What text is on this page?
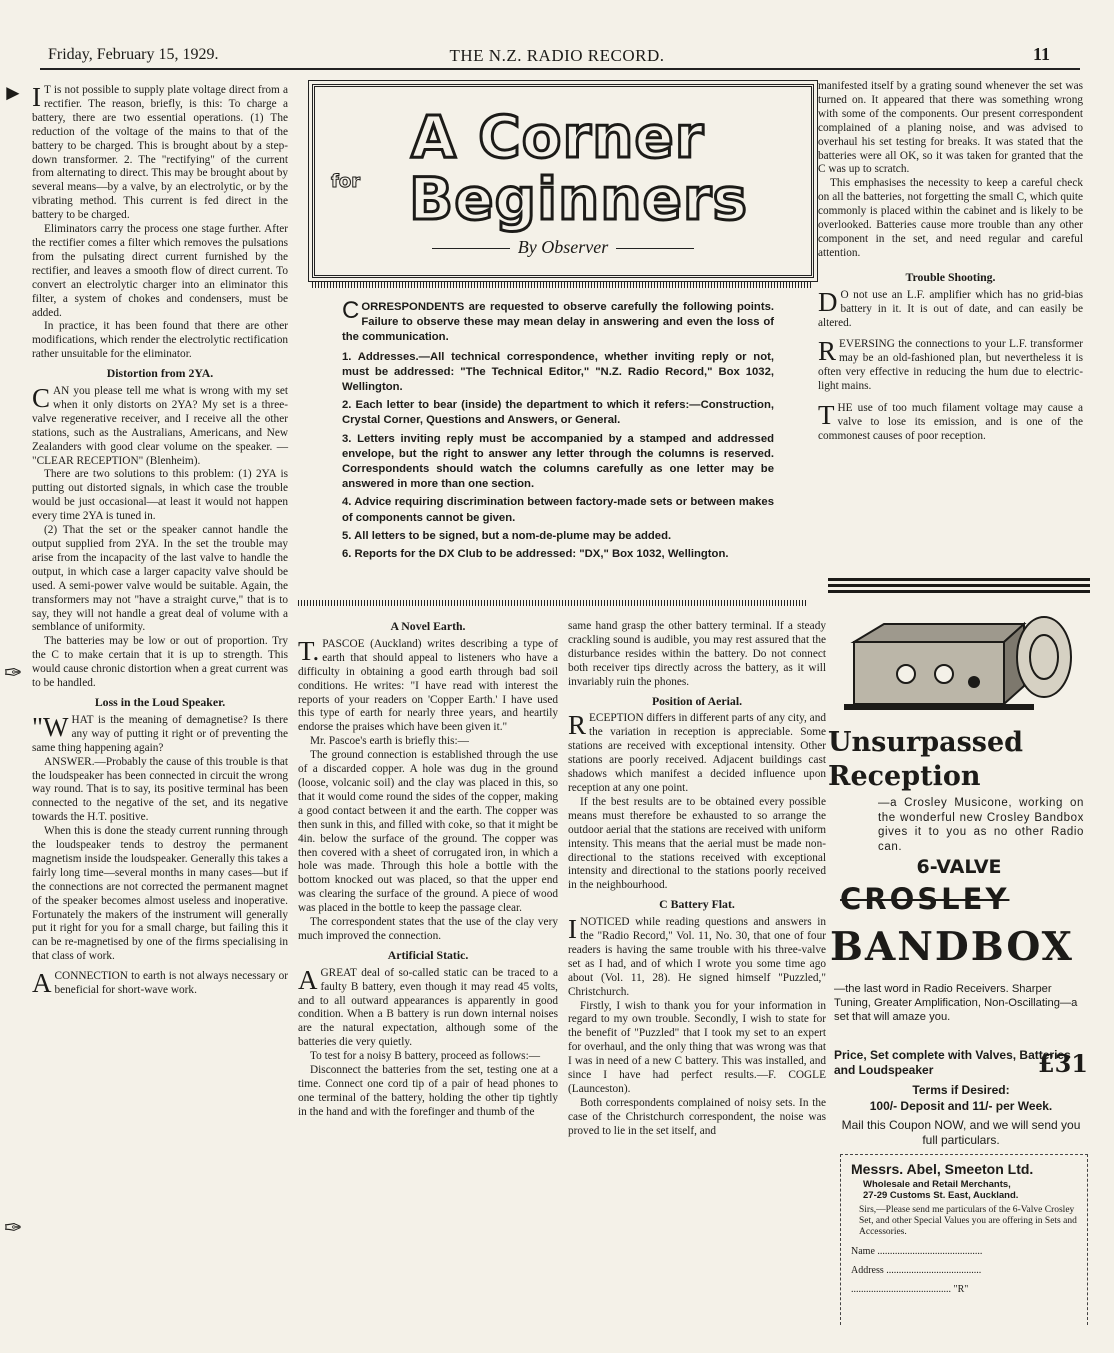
Friday, February 15, 1929.	THE N.Z. RADIO RECORD.	11

I T is not possible to supply plate voltage direct from a rectifier. The reason, briefly, is this: To charge a battery, there are two essential operations. (1) The reduction of the voltage of the mains to that of the battery to be charged. This is brought about by a step-down transformer. 2. The "rectifying" of the current from alternating to direct. This may be brought about by several means—by a valve, by an electrolytic, or by the vibrating method. This current is fed direct in the battery to be charged.

Eliminators carry the process one stage further. After the rectifier comes a filter which removes the pulsations from the pulsating direct current furnished by the rectifier, and leaves a smooth flow of direct current. To convert an electrolytic charger into an eliminator this filter, a system of chokes and condensers, must be added.

In practice, it has been found that there are other modifications, which render the electrolytic rectification rather unsuitable for the eliminator.

Distortion from 2YA.

CAN you please tell me what is wrong with my set when it only distorts on 2YA? My set is a three-valve regenerative receiver, and I receive all the other stations, such as the Australians, Americans, and New Zealanders with good clear volume on the speaker. — "CLEAR RECEPTION" (Blenheim).

There are two solutions to this problem: (1) 2YA is putting out distorted signals, in which case the trouble would be just occasional—at least it would not happen every time 2YA is tuned in.

(2) That the set or the speaker cannot handle the output supplied from 2YA. In the set the trouble may arise from the incapacity of the last valve to handle the output, in which case a larger capacity valve should be used. A semi-power valve would be suitable. Again, the transformers may not "have a straight curve," that is to say, they will not handle a great deal of volume with a semblance of uniformity.

The batteries may be low or out of proportion. Try the C to make certain that it is up to strength. This would cause chronic distortion when a great current was to be handled.

Loss in the Loud Speaker.

"WHAT is the meaning of demagnetise? Is there any way of putting it right or of preventing the same thing happening again?

ANSWER.—Probably the cause of this trouble is that the loudspeaker has been connected in circuit the wrong way round. That is to say, its positive terminal has been connected to the negative of the set, and its negative towards the H.T. positive.

When this is done the steady current running through the loudspeaker tends to destroy the permanent magnetism inside the loudspeaker. Generally this takes a fairly long time—several months in many cases—but if the connections are not corrected the permanent magnet of the speaker becomes almost useless and inoperative. Fortunately the makers of the instrument will generally put it right for you for a small charge, but failing this it can be re-magnetised by one of the firms specialising in that class of work.

ACONNECTION to earth is not always necessary or beneficial for short-wave work.

A Corner
for Beginners
By Observer

CORRESPONDENTS are requested to observe carefully the following points. Failure to observe these may mean delay in answering and even the loss of the communication.

1. Addresses.—All technical correspondence, whether inviting reply or not, must be addressed: "The Technical Editor," "N.Z. Radio Record," Box 1032, Wellington.

2. Each letter to bear (inside) the department to which it refers:—Construction, Crystal Corner, Questions and Answers, or General.

3. Letters inviting reply must be accompanied by a stamped and addressed envelope, but the right to answer any letter through the columns is reserved. Correspondents should watch the columns carefully as one letter may be answered in more than one section.

4. Advice requiring discrimination between factory-made sets or between makes of components cannot be given.

5. All letters to be signed, but a nom-de-plume may be added.

6. Reports for the DX Club to be addressed: "DX," Box 1032, Wellington.

A Novel Earth.

T. PASCOE (Auckland) writes describing a type of earth that should appeal to listeners who have a difficulty in obtaining a good earth through bad soil conditions. He writes: "I have read with interest the reports of your readers on 'Copper Earth.' I have used this type of earth for nearly three years, and heartily endorse the praises which have been given it."

Mr. Pascoe's earth is briefly this:—

The ground connection is established through the use of a discarded copper. A hole was dug in the ground (loose, volcanic soil) and the clay was placed in this, so that it would come round the sides of the copper, making a good contact between it and the earth. The copper was then sunk in this, and filled with coke, so that it might be 4in. below the surface of the ground. The copper was then covered with a sheet of corrugated iron, in which a hole was made. Through this hole a bottle with the bottom knocked out was placed, so that the upper end was clearing the surface of the ground. A piece of wood was placed in the bottle to keep the passage clear.

The correspondent states that the use of the clay very much improved the connection.

Artificial Static.

AGREAT deal of so-called static can be traced to a faulty B battery, even though it may read 45 volts, and to all outward appearances is apparently in good condition. When a B battery is run down internal noises are the natural expectation, although some of the batteries die very quietly.

To test for a noisy B battery, proceed as follows:—

Disconnect the batteries from the set, testing one at a time. Connect one cord tip of a pair of head phones to one terminal of the battery, holding the other tip tightly in the hand and with the forefinger and thumb of the

same hand grasp the other battery terminal. If a steady crackling sound is audible, you may rest assured that the disturbance resides within the battery. Do not connect both receiver tips directly across the battery, as it will invariably ruin the phones.

Position of Aerial.

RECEPTION differs in different parts of any city, and the variation in reception is appreciable. Some stations are received with exceptional intensity. Other stations are poorly received. Adjacent buildings cast shadows which manifest a decided influence upon reception at any one point.

If the best results are to be obtained every possible means must therefore be exhausted to so arrange the outdoor aerial that the stations are received with uniform intensity. This means that the aerial must be made non-directional to the stations received with exceptional intensity and directional to the stations poorly received in the neighbourhood.

C Battery Flat.

INOTICED while reading questions and answers in the "Radio Record," Vol. 11, No. 30, that one of four readers is having the same trouble with his three-valve set as I had, and of which I wrote you some time ago about (Vol. 11, 28). He signed himself "Puzzled," Christchurch.

Firstly, I wish to thank you for your information in regard to my own trouble. Secondly, I wish to state for the benefit of "Puzzled" that I took my set to an expert for overhaul, and the only thing that was wrong was that I was in need of a new C battery. This was installed, and since I have had perfect results.—F. COGLE (Launceston).

Both correspondents complained of noisy sets. In the case of the Christchurch correspondent, the noise was proved to lie in the set itself, and

manifested itself by a grating sound whenever the set was turned on. It appeared that there was something wrong with some of the components. Our present correspondent complained of a planing noise, and was advised to overhaul his set testing for breaks. It was stated that the batteries were all OK, so it was taken for granted that the C was up to scratch.

This emphasises the necessity to keep a careful check on all the batteries, not forgetting the small C, which quite commonly is placed within the cabinet and is likely to be overlooked. Batteries cause more trouble than any other component in the set, and need regular and careful attention.

Trouble Shooting.

D O not use an L.F. amplifier which has no grid-bias battery in it. It is out of date, and can easily be altered.

REVERSING the connections to your L.F. transformer may be an old-fashioned plan, but nevertheless it is often very effective in reducing the hum due to electric-light mains.

THE use of too much filament voltage may cause a valve to lose its emission, and is one of the commonest causes of poor reception.

Unsurpassed Reception
—a Crosley Musicone, working on the wonderful new Crosley Bandbox gives it to you as no other Radio can.
6-VALVE
CROSLEY
BANDBOX

—the last word in Radio Receivers. Sharper Tuning, Greater Amplification, Non-Oscillating—a set that will amaze you.

Price, Set complete with Valves, Batteries and Loudspeaker	£31
Terms if Desired:
100/- Deposit and 11/- per Week.
Mail this Coupon NOW, and we will send you full particulars.
Messrs. Abel, Smeeton Ltd.
Wholesale and Retail Merchants,
27-29 Customs St. East, Auckland.
Sirs,—Please send me particulars of the 6-Valve Crosley Set, and other Special Values you are offering in Sets and Accessories.
Name ..........................................
Address ......................................
........................................ "R"
►
✑
✑
